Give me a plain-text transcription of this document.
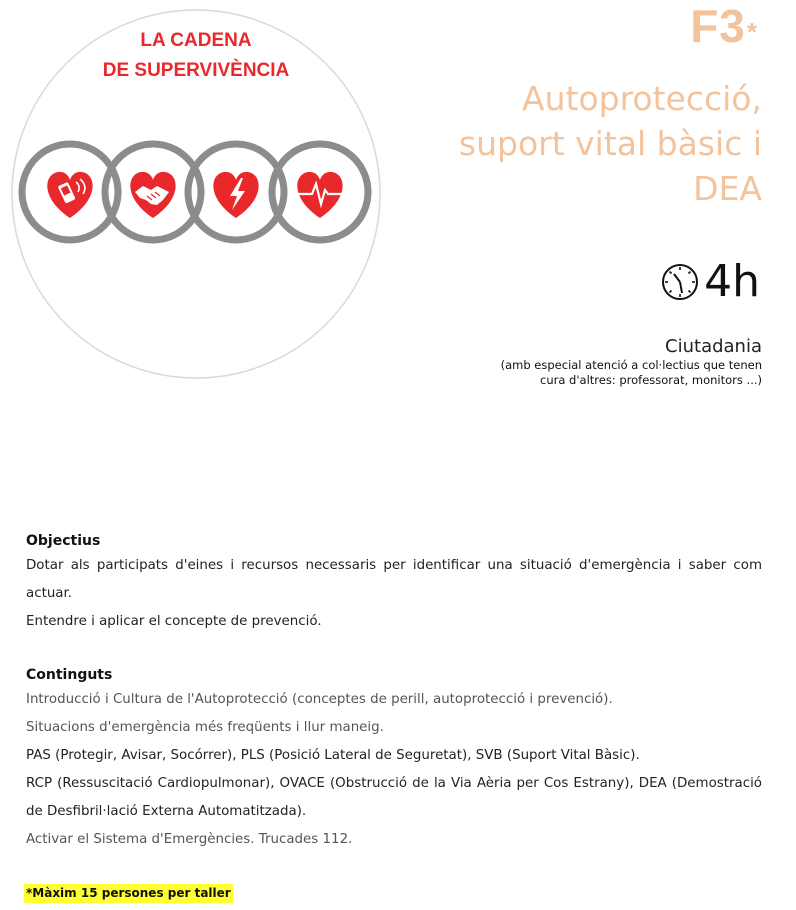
LA CADENA
DE SUPERVIVÈNCIA
F3*
Autoprotecció,
suport vital bàsic i
DEA
4h
Ciutadania
(amb especial atenció a col·lectius que tenen
cura d'altres: professorat, monitors ...)
Objectius

Dotar als participats d'eines i recursos necessaris per identificar una situació d'emergència i saber com actuar.

Entendre i aplicar el concepte de prevenció.

Continguts

Introducció i Cultura de l'Autoprotecció (conceptes de perill, autoprotecció i prevenció).

Situacions d'emergència més freqüents i llur maneig.

PAS (Protegir, Avisar, Socórrer), PLS (Posició Lateral de Seguretat), SVB (Suport Vital Bàsic).

RCP (Ressuscitació Cardiopulmonar), OVACE (Obstrucció de la Via Aèria per Cos Estrany), DEA (Demostració de Desfibril·lació Externa Automatitzada).

Activar el Sistema d'Emergències. Trucades 112.

*Màxim 15 persones per taller
